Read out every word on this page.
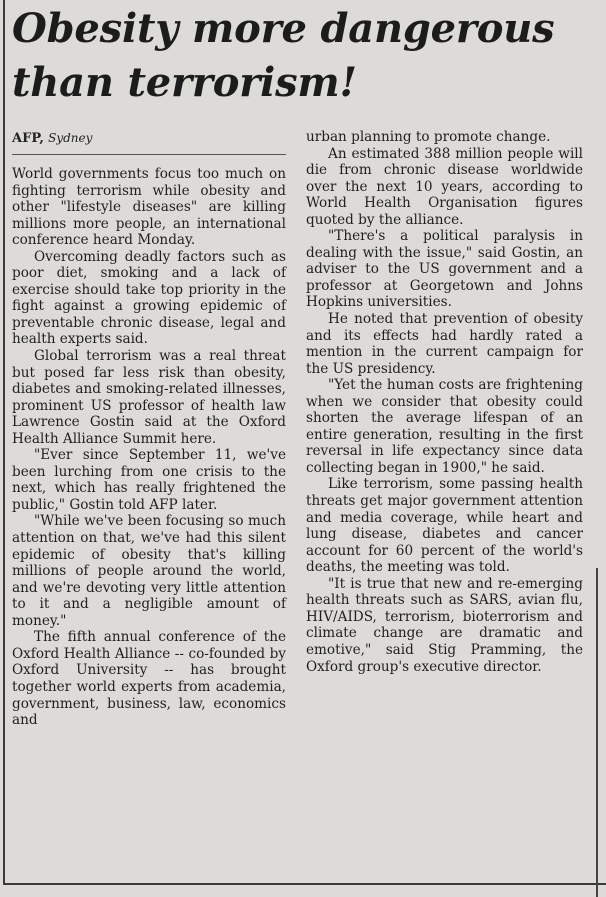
Obesity more dangerous than terrorism!
AFP, Sydney

World governments focus too much on fighting terrorism while obesity and other "lifestyle diseases" are killing millions more people, an international conference heard Monday.

Overcoming deadly factors such as poor diet, smoking and a lack of exercise should take top priority in the fight against a growing epidemic of preventable chronic disease, legal and health experts said.

Global terrorism was a real threat but posed far less risk than obesity, diabetes and smoking-related illnesses, prominent US professor of health law Lawrence Gostin said at the Oxford Health Alliance Summit here.

"Ever since September 11, we've been lurching from one crisis to the next, which has really frightened the public," Gostin told AFP later.

"While we've been focusing so much attention on that, we've had this silent epidemic of obesity that's killing millions of people around the world, and we're devoting very little attention to it and a negligible amount of money."

The fifth annual conference of the Oxford Health Alliance -- co-founded by Oxford University -- has brought together world experts from academia, government, business, law, economics and

urban planning to promote change.

An estimated 388 million people will die from chronic disease worldwide over the next 10 years, according to World Health Organisation figures quoted by the alliance.

"There's a political paralysis in dealing with the issue," said Gostin, an adviser to the US government and a professor at Georgetown and Johns Hopkins universities.

He noted that prevention of obesity and its effects had hardly rated a mention in the current campaign for the US presidency.

"Yet the human costs are frightening when we consider that obesity could shorten the average lifespan of an entire generation, resulting in the first reversal in life expectancy since data collecting began in 1900," he said.

Like terrorism, some passing health threats get major government attention and media coverage, while heart and lung disease, diabetes and cancer account for 60 percent of the world's deaths, the meeting was told.

"It is true that new and re-emerging health threats such as SARS, avian flu, HIV/AIDS, terrorism, bioterrorism and climate change are dramatic and emotive," said Stig Pramming, the Oxford group's executive director.
